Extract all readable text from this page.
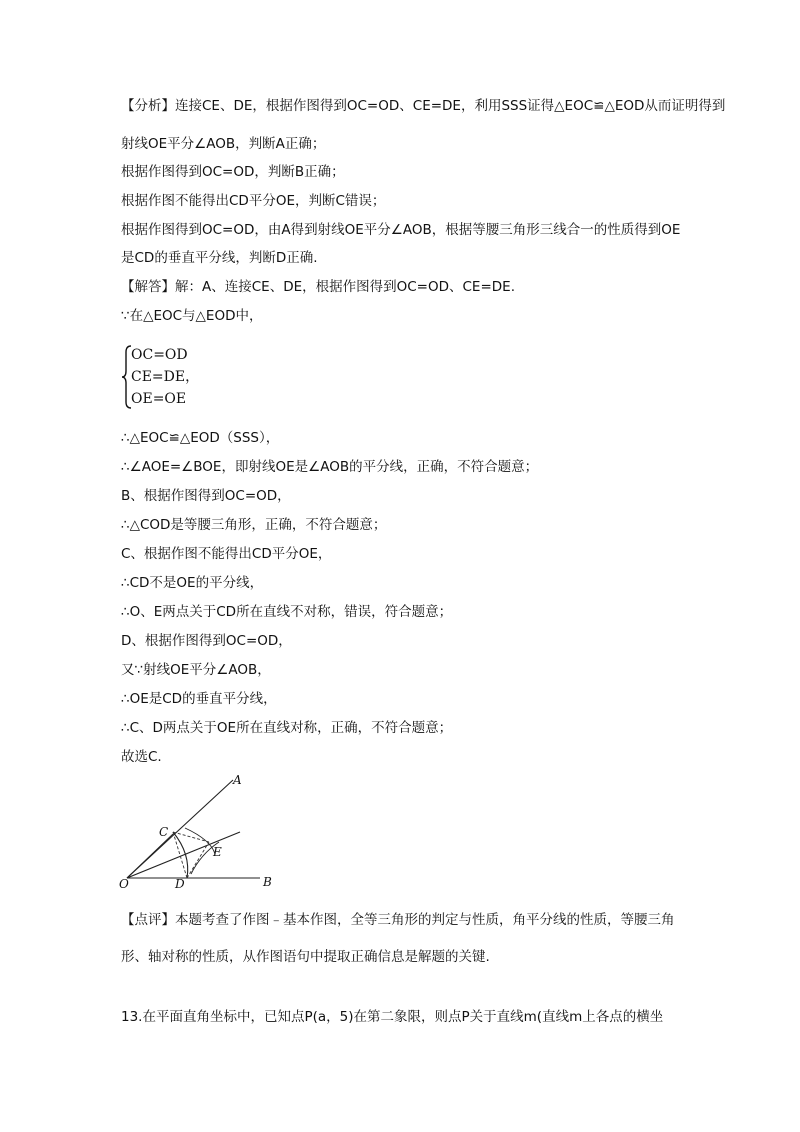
【分析】连接CE、DE，根据作图得到OC=OD、CE=DE，利用SSS证得△EOC≌△EOD从而证明得到
射线OE平分∠AOB，判断A正确；
根据作图得到OC=OD，判断B正确；
根据作图不能得出CD平分OE，判断C错误；
根据作图得到OC=OD，由A得到射线OE平分∠AOB，根据等腰三角形三线合一的性质得到OE
是CD的垂直平分线，判断D正确.
【解答】解：A、连接CE、DE，根据作图得到OC=OD、CE=DE.
∵在△EOC与△EOD中，
OC=OD
CE=DE，
OE=OE
∴△EOC≌△EOD（SSS），
∴∠AOE=∠BOE，即射线OE是∠AOB的平分线，正确，不符合题意；
B、根据作图得到OC=OD，
∴△COD是等腰三角形，正确，不符合题意；
C、根据作图不能得出CD平分OE，
∴CD不是OE的平分线，
∴O、E两点关于CD所在直线不对称，错误，符合题意；
D、根据作图得到OC=OD，
又∵射线OE平分∠AOB，
∴OE是CD的垂直平分线，
∴C、D两点关于OE所在直线对称，正确，不符合题意；
故选C.
A
B
C
D
E
O
【点评】本题考查了作图﹣基本作图，全等三角形的判定与性质，角平分线的性质，等腰三角
形、轴对称的性质，从作图语句中提取正确信息是解题的关键.
13.在平面直角坐标中，已知点P(a，5)在第二象限，则点P关于直线m(直线m上各点的横坐
